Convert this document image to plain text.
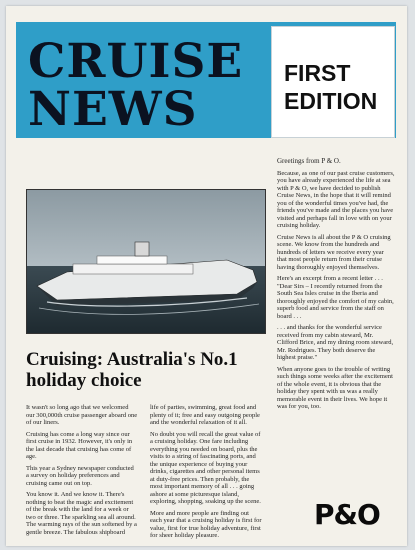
CRUISE NEWS
FIRST EDITION
Cruising: Australia's No.1 holiday choice

It wasn't so long ago that we welcomed our 300,000th cruise passenger aboard one of our liners.

Cruising has come a long way since our first cruise in 1932. However, it's only in the last decade that cruising has come of age.

This year a Sydney newspaper conducted a survey on holiday preferences and cruising came out on top.

You know it. And we know it. There's nothing to beat the magic and excitement of the break with the land for a week or two or three. The sparkling sea all around. The warming rays of the sun softened by a gentle breeze. The fabulous shipboard

life of parties, swimming, great food and plenty of it; free and easy outgoing people and the wonderful relaxation of it all.

No doubt you will recall the great value of a cruising holiday. One fare including everything you needed on board, plus the visits to a string of fascinating ports, and the unique experience of buying your drinks, cigarettes and other personal items at duty-free prices. Then probably, the most important memory of all . . . going ashore at some picturesque island, exploring, shopping, soaking up the scene.

More and more people are finding out each year that a cruising holiday is first for value, first for true holiday adventure, first for sheer holiday pleasure.

Greetings from P & O.

Because, as one of our past cruise customers, you have already experienced the life at sea with P & O, we have decided to publish Cruise News, in the hope that it will remind you of the wonderful times you've had, the friends you've made and the places you have visited and perhaps fall in love with on your cruising holiday.

Cruise News is all about the P & O cruising scene. We know from the hundreds and hundreds of letters we receive every year that most people return from their cruise having thoroughly enjoyed themselves.

Here's an excerpt from a recent letter . . . "Dear Sirs – I recently returned from the South Sea Isles cruise in the Iberia and thoroughly enjoyed the comfort of my cabin, superb food and service from the staff on board . . .

. . . and thanks for the wonderful service received from my cabin steward, Mr. Clifford Brice, and my dining room steward, Mr. Rodrigues. They both deserve the highest praise."

When anyone goes to the trouble of writing such things some weeks after the excitement of the whole event, it is obvious that the holiday they spent with us was a really memorable event in their lives. We hope it was for you, too.

P&O
